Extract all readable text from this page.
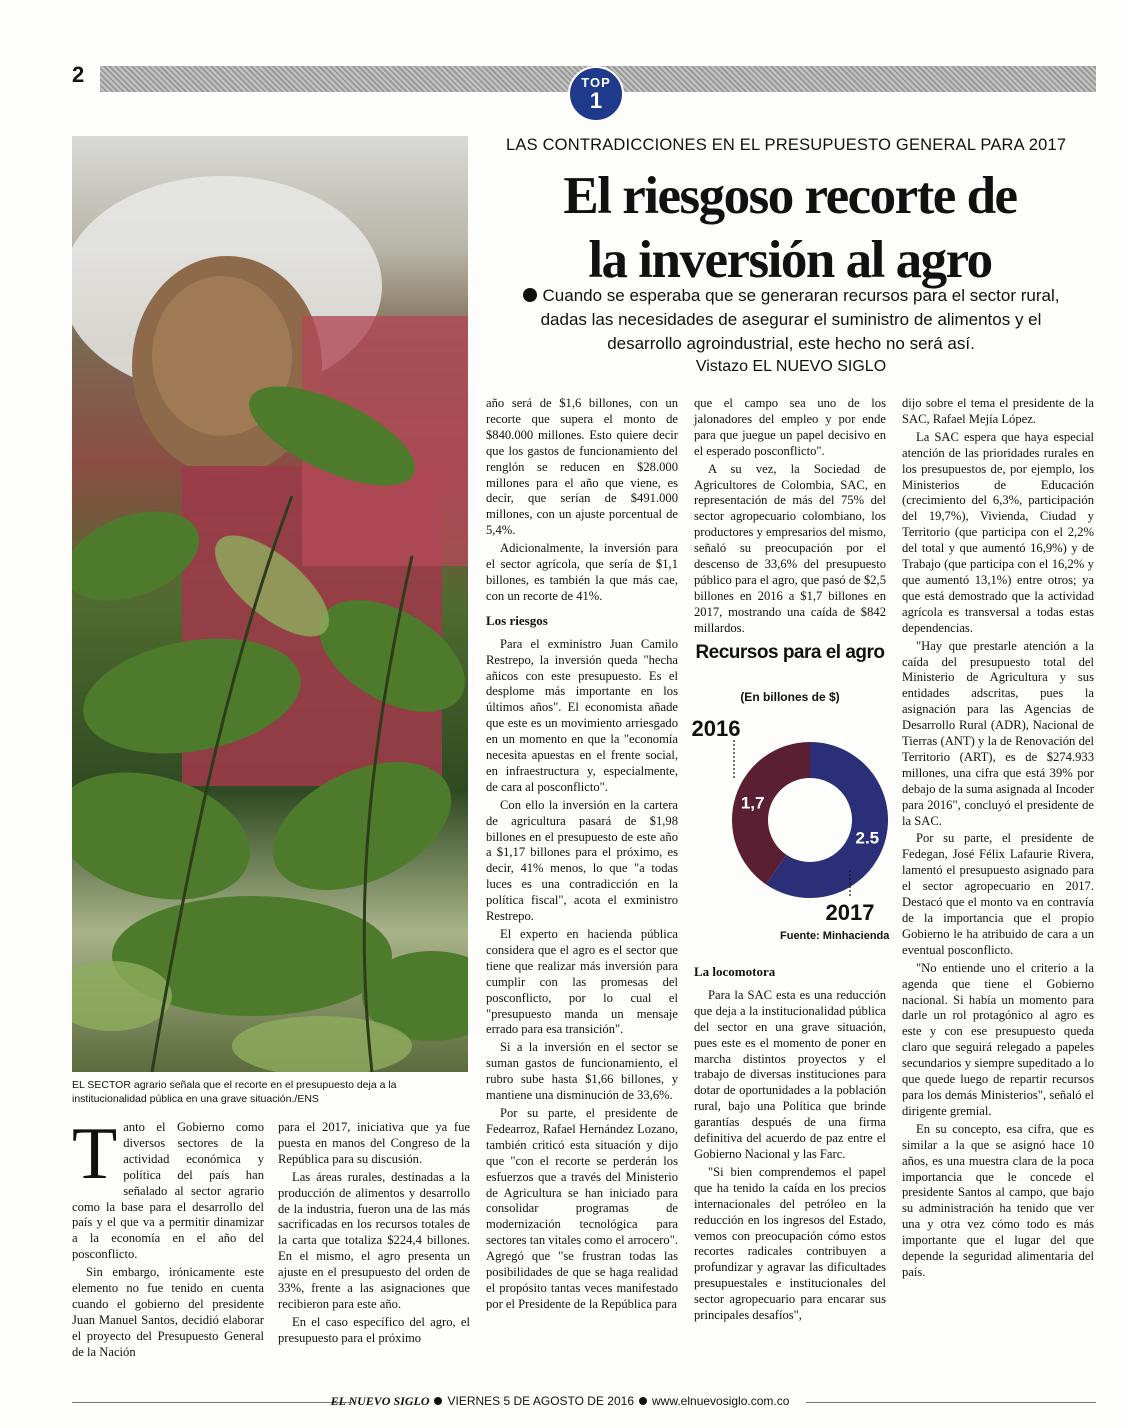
2	TOP
1
EL SECTOR agrario señala que el recorte en el presupuesto deja a la institucionalidad pública en una grave situación./ENS
LAS CONTRADICCIONES EN EL PRESUPUESTO GENERAL PARA 2017
El riesgoso recorte de
la inversión al agro
Cuando se esperaba que se generaran recursos para el sector rural, dadas las necesidades de asegurar el suministro de alimentos y el desarrollo agroindustrial, este hecho no será así.
Vistazo EL NUEVO SIGLO

Tanto el Gobierno como diversos sectores de la actividad económica y política del país han señalado al sector agrario como la base para el desarrollo del país y el que va a permitir dinamizar a la economía en el año del posconflicto.

Sin embargo, irónicamente este elemento no fue tenido en cuenta cuando el gobierno del presidente Juan Manuel Santos, decidió elaborar el proyecto del Presupuesto General de la Nación

para el 2017, iniciativa que ya fue puesta en manos del Congreso de la República para su discusión.

Las áreas rurales, destinadas a la producción de alimentos y desarrollo de la industria, fueron una de las más sacrificadas en los recursos totales de la carta que totaliza $224,4 billones. En el mismo, el agro presenta un ajuste en el presupuesto del orden de 33%, frente a las asignaciones que recibieron para este año.

En el caso específico del agro, el presupuesto para el próximo

año será de $1,6 billones, con un recorte que supera el monto de $840.000 millones. Esto quiere decir que los gastos de funcionamiento del renglón se reducen en $28.000 millones para el año que viene, es decir, que serían de $491.000 millones, con un ajuste porcentual de 5,4%.

Adicionalmente, la inversión para el sector agrícola, que sería de $1,1 billones, es también la que más cae, con un recorte de 41%.

Los riesgos

Para el exministro Juan Camilo Restrepo, la inversión queda "hecha añicos con este presupuesto. Es el desplome más importante en los últimos años". El economista añade que este es un movimiento arriesgado en un momento en que la "economía necesita apuestas en el frente social, en infraestructura y, especialmente, de cara al posconflicto".

Con ello la inversión en la cartera de agricultura pasará de $1,98 billones en el presupuesto de este año a $1,17 billones para el próximo, es decir, 41% menos, lo que "a todas luces es una contradicción en la política fiscal", acota el exministro Restrepo.

El experto en hacienda pública considera que el agro es el sector que tiene que realizar más inversión para cumplir con las promesas del posconflicto, por lo cual el "presupuesto manda un mensaje errado para esa transición".

Si a la inversión en el sector se suman gastos de funcionamiento, el rubro sube hasta $1,66 billones, y mantiene una disminución de 33,6%.

Por su parte, el presidente de Fedearroz, Rafael Hernández Lozano, también criticó esta situación y dijo que "con el recorte se perderán los esfuerzos que a través del Ministerio de Agricultura se han iniciado para consolidar programas de modernización tecnológica para sectores tan vitales como el arrocero". Agregó que "se frustran todas las posibilidades de que se haga realidad el propósito tantas veces manifestado por el Presidente de la República para

que el campo sea uno de los jalonadores del empleo y por ende para que juegue un papel decisivo en el esperado posconflicto".

A su vez, la Sociedad de Agricultores de Colombia, SAC, en representación de más del 75% del sector agropecuario colombiano, los productores y empresarios del mismo, señaló su preocupación por el descenso de 33,6% del presupuesto público para el agro, que pasó de $2,5 billones en 2016 a $1,7 billones en 2017, mostrando una caída de $842 millardos.

Recursos para el agro
(En billones de $)
1,7
2.5
2016
2017
Fuente: Minhacienda
La locomotora

Para la SAC esta es una reducción que deja a la institucionalidad pública del sector en una grave situación, pues este es el momento de poner en marcha distintos proyectos y el trabajo de diversas instituciones para dotar de oportunidades a la población rural, bajo una Política que brinde garantías después de una firma definitiva del acuerdo de paz entre el Gobierno Nacional y las Farc.

"Si bien comprendemos el papel que ha tenido la caída en los precios internacionales del petróleo en la reducción en los ingresos del Estado, vemos con preocupación cómo estos recortes radicales contribuyen a profundizar y agravar las dificultades presupuestales e institucionales del sector agropecuario para encarar sus principales desafíos",

dijo sobre el tema el presidente de la SAC, Rafael Mejía López.

La SAC espera que haya especial atención de las prioridades rurales en los presupuestos de, por ejemplo, los Ministerios de Educación (crecimiento del 6,3%, participación del 19,7%), Vivienda, Ciudad y Territorio (que participa con el 2,2% del total y que aumentó 16,9%) y de Trabajo (que participa con el 16,2% y que aumentó 13,1%) entre otros; ya que está demostrado que la actividad agrícola es transversal a todas estas dependencias.

"Hay que prestarle atención a la caída del presupuesto total del Ministerio de Agricultura y sus entidades adscritas, pues la asignación para las Agencias de Desarrollo Rural (ADR), Nacional de Tierras (ANT) y la de Renovación del Territorio (ART), es de $274.933 millones, una cifra que está 39% por debajo de la suma asignada al Incoder para 2016", concluyó el presidente de la SAC.

Por su parte, el presidente de Fedegan, José Félix Lafaurie Rivera, lamentó el presupuesto asignado para el sector agropecuario en 2017. Destacó que el monto va en contravía de la importancia que el propio Gobierno le ha atribuido de cara a un eventual posconflicto.

"No entiende uno el criterio a la agenda que tiene el Gobierno nacional. Si había un momento para darle un rol protagónico al agro es este y con ese presupuesto queda claro que seguirá relegado a papeles secundarios y siempre supeditado a lo que quede luego de repartir recursos para los demás Ministerios", señaló el dirigente gremial.

En su concepto, esa cifra, que es similar a la que se asignó hace 10 años, es una muestra clara de la poca importancia que le concede el presidente Santos al campo, que bajo su administración ha tenido que ver una y otra vez cómo todo es más importante que el lugar del que depende la seguridad alimentaria del país.

EL NUEVO SIGLO VIERNES 5 DE AGOSTO DE 2016 www.elnuevosiglo.com.co
